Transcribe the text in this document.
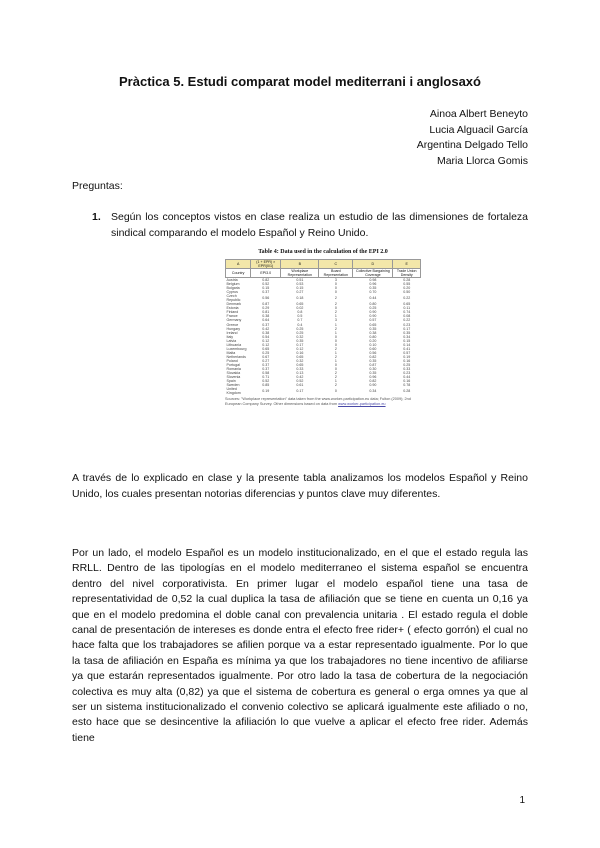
Pràctica 5. Estudi comparat model mediterrani i anglosaxó
Ainoa Albert Beneyto
Lucia Alguacil García
Argentina Delgado Tello
Maria Llorca Gomis
Preguntas:
1. Según los conceptos vistos en clase realiza un estudio de las dimensiones de fortaleza sindical comparando el modelo Español y Reino Unido.
Table 4: Data used in the calculation of the EPI 2.0
A	(1 + EPR) × EPR(0/1)	B	C	D	E
Country	EPI3.0	Workplace Representation	Board Representation	Collective Bargaining Coverage	Trade Union Density
Austria	0.82	0.51	3	0.98	0.28
Belgium	0.52	0.53	0	0.96	0.55
Bulgaria	0.15	0.15	0	0.35	0.20
Cyprus	0.37	0.27	0	0.70	0.50
Czech Republic	0.56	0.18	2	0.44	0.22
Denmark	0.87	0.65	2	0.80	0.65
Estonia	0.29	0.02	0	0.25	0.11
Finland	0.81	0.8	2	0.90	0.74
France	0.38	0.5	1	0.90	0.08
Germany	0.64	0.7	3	0.57	0.22
Greece	0.37	0.4	1	0.65	0.23
Hungary	0.42	0.25	2	0.35	0.17
Ireland	0.38	0.25	1	0.38	0.35
Italy	0.54	0.32	0	0.80	0.34
Latvia	0.12	0.35	0	0.20	0.15
Lithuania	0.12	0.17	0	0.10	0.14
Luxembourg	0.65	0.12	2	0.60	0.41
Malta	0.25	0.16	1	0.56	0.57
Netherlands	0.67	0.65	2	0.82	0.19
Poland	0.27	0.32	1	0.35	0.16
Portugal	0.37	0.65	0	0.87	0.25
Romania	0.37	0.33	0	0.30	0.33
Slovakia	0.58	0.13	2	0.35	0.23
Slovenia	0.71	0.42	2	0.96	0.44
Spain	0.52	0.52	1	0.82	0.16
Sweden	0.85	0.61	2	0.90	0.78
United Kingdom	0.19	0.17	0	0.34	0.28
Sources: "Workplace representation" data taken from the www.worker-participation.eu data; Fulton (2009); 2nd European Company Survey. Other dimensions based on data from www.worker-participation.eu
A través de lo explicado en clase y la presente tabla analizamos los modelos Español y Reino Unido, los cuales presentan notorias diferencias y puntos clave muy diferentes.
Por un lado, el modelo Español es un modelo institucionalizado, en el que el estado regula las RRLL. Dentro de las tipologías en el modelo mediterraneo el sistema español se encuentra dentro del nivel corporativista. En primer lugar el modelo español tiene una tasa de representatividad de 0,52 la cual duplica la tasa de afiliación que se tiene en cuenta un 0,16 ya que en el modelo predomina el doble canal con prevalencia unitaria . El estado regula el doble canal de presentación de intereses es donde entra el efecto free rider+ ( efecto gorrón) el cual no hace falta que los trabajadores se afilien porque va a estar representado igualmente. Por lo que la tasa de afiliación en España es mínima ya que los trabajadores no tiene incentivo de afiliarse ya que estarán representados igualmente. Por otro lado la tasa de cobertura de la negociación colectiva es muy alta (0,82) ya que el sistema de cobertura es general o erga omnes ya que al ser un sistema institucionalizado el convenio colectivo se aplicará igualmente este afiliado o no, esto hace que se desincentive la afiliación lo que vuelve a aplicar el efecto free rider. Además tiene
1
